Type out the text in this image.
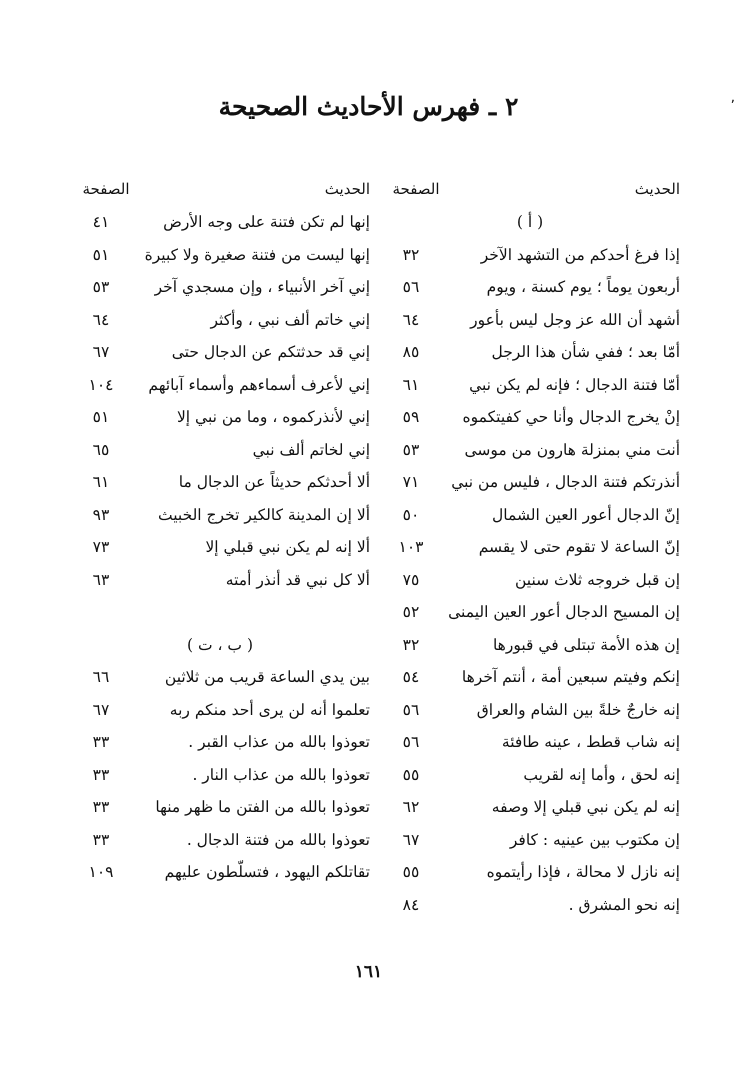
٢ ـ فهرس الأحاديث الصحيحة	٬
الحديث
الصفحة
( أ )
إذا فرغ أحدكم من التشهد الآخر
٣٢
أربعون يوماً ؛ يوم كسنة ، ويوم
٥٦
أشهد أن الله عز وجل ليس بأعور
٦٤
أمّا بعد ؛ ففي شأن هذا الرجل
٨٥
أمّا فتنة الدجال ؛ فإنه لم يكن نبي
٦١
إنْ يخرج الدجال وأنا حي كفيتكموه
٥٩
أنت مني بمنزلة هارون من موسى
٥٣
أنذرتكم فتنة الدجال ، فليس من نبي
٧١
إنّ الدجال أعور العين الشمال
٥٠
إنّ الساعة لا تقوم حتى لا يقسم
١٠٣
إن قبل خروجه ثلاث سنين
٧٥
إن المسيح الدجال أعور العين اليمنى
٥٢
إن هذه الأمة تبتلى في قبورها
٣٢
إنكم وفيتم سبعين أمة ، أنتم آخرها
٥٤
إنه خارجٌ خلةً بين الشام والعراق
٥٦
إنه شاب قطط ، عينه طافئة
٥٦
إنه لحق ، وأما إنه لقريب
٥٥
إنه لم يكن نبي قبلي إلا وصفه
٦٢
إن مكتوب بين عينيه : كافر
٦٧
إنه نازل لا محالة ، فإذا رأيتموه
٥٥
إنه نحو المشرق .
٨٤
الحديث
الصفحة
إنها لم تكن فتنة على وجه الأرض
٤١
إنها ليست من فتنة صغيرة ولا كبيرة
٥١
إني آخر الأنبياء ، وإن مسجدي آخر
٥٣
إني خاتم ألف نبي ، وأكثر
٦٤
إني قد حدثتكم عن الدجال حتى
٦٧
إني لأعرف أسماءهم وأسماء آبائهم
١٠٤
إني لأنذركموه ، وما من نبي إلا
٥١
إني لخاتم ألف نبي
٦٥
ألا أحدثكم حديثاً عن الدجال ما
٦١
ألا إن المدينة كالكير تخرج الخبيث
٩٣
ألا إنه لم يكن نبي قبلي إلا
٧٣
ألا كل نبي قد أنذر أمته
٦٣
( ب ، ت )
بين يدي الساعة قريب من ثلاثين
٦٦
تعلموا أنه لن يرى أحد منكم ربه
٦٧
تعوذوا بالله من عذاب القبر .
٣٣
تعوذوا بالله من عذاب النار .
٣٣
تعوذوا بالله من الفتن ما ظهر منها
٣٣
تعوذوا بالله من فتنة الدجال .
٣٣
تقاتلكم اليهود ، فتسلّطون عليهم
١٠٩
١٦١
